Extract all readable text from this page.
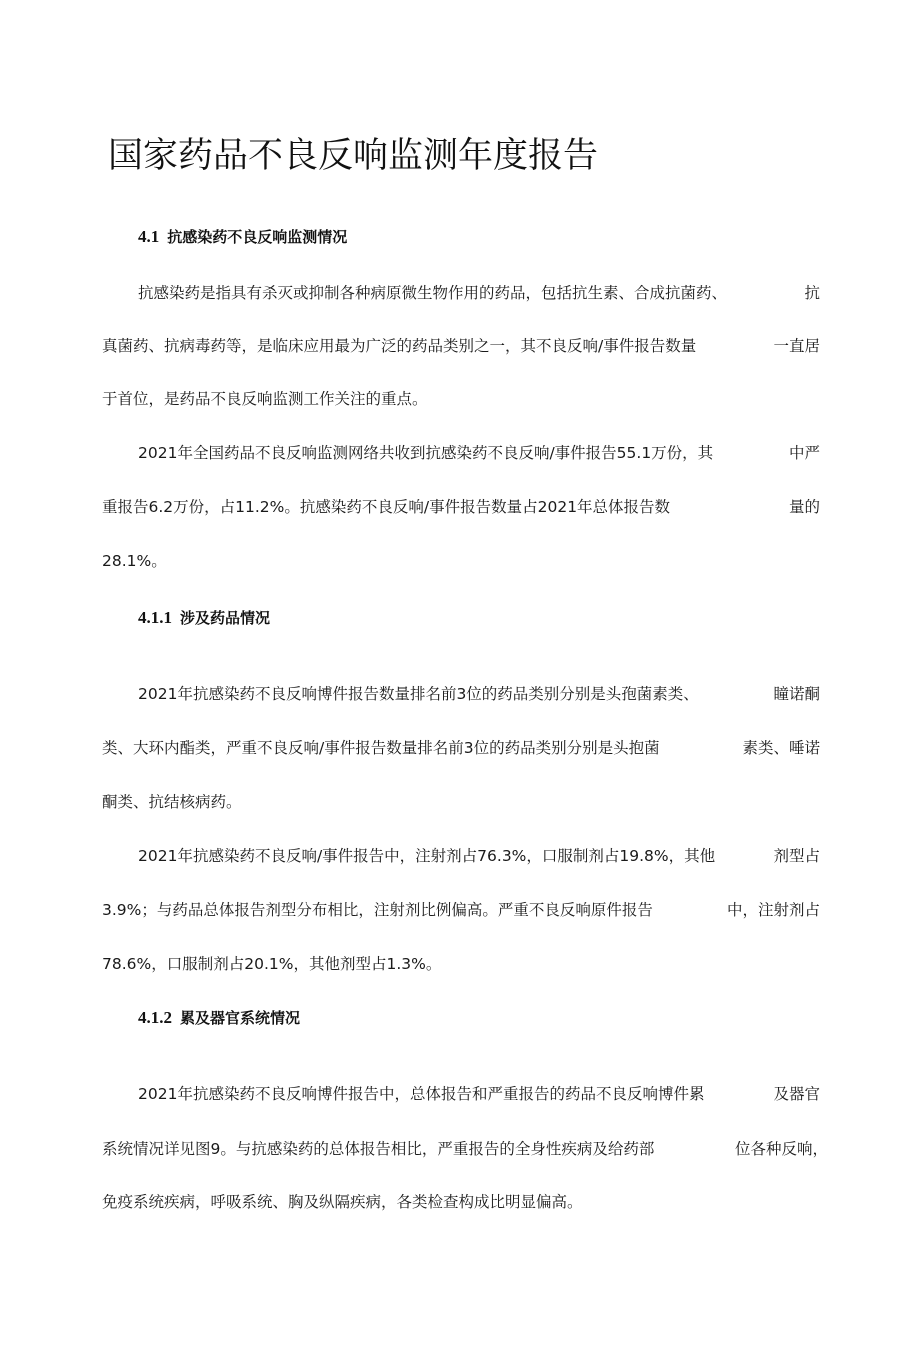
国家药品不良反响监测年度报告
4.1 抗感染药不良反响监测情况
抗感染药是指具有杀灭或抑制各种病原微生物作用的药品，包括抗生素、合成抗菌药、	抗
真菌药、抗病毒药等，是临床应用最为广泛的药品类别之一，其不良反响/事件报告数量	一直居
于首位，是药品不良反响监测工作关注的重点。
2021年全国药品不良反响监测网络共收到抗感染药不良反响/事件报告55.1万份，其	中严
重报告6.2万份，占11.2%。抗感染药不良反响/事件报告数量占2021年总体报告数	量的
28.1%。
4.1.1 涉及药品情况
2021年抗感染药不良反响博件报告数量排名前3位的药品类别分别是头孢菌素类、	瞳诺酮
类、大环内酯类，严重不良反响/事件报告数量排名前3位的药品类别分别是头抱菌	素类、唾诺
酮类、抗结核病药。
2021年抗感染药不良反响/事件报告中，注射剂占76.3%，口服制剂占19.8%，其他	剂型占
3.9%；与药品总体报告剂型分布相比，注射剂比例偏高。严重不良反响原件报告	中，注射剂占
78.6%，口服制剂占20.1%，其他剂型占1.3%。
4.1.2 累及器官系统情况
2021年抗感染药不良反响博件报告中，总体报告和严重报告的药品不良反响博件累	及器官
系统情况详见图9。与抗感染药的总体报告相比，严重报告的全身性疾病及给药部	位各种反响，
免疫系统疾病，呼吸系统、胸及纵隔疾病，各类检查构成比明显偏高。
